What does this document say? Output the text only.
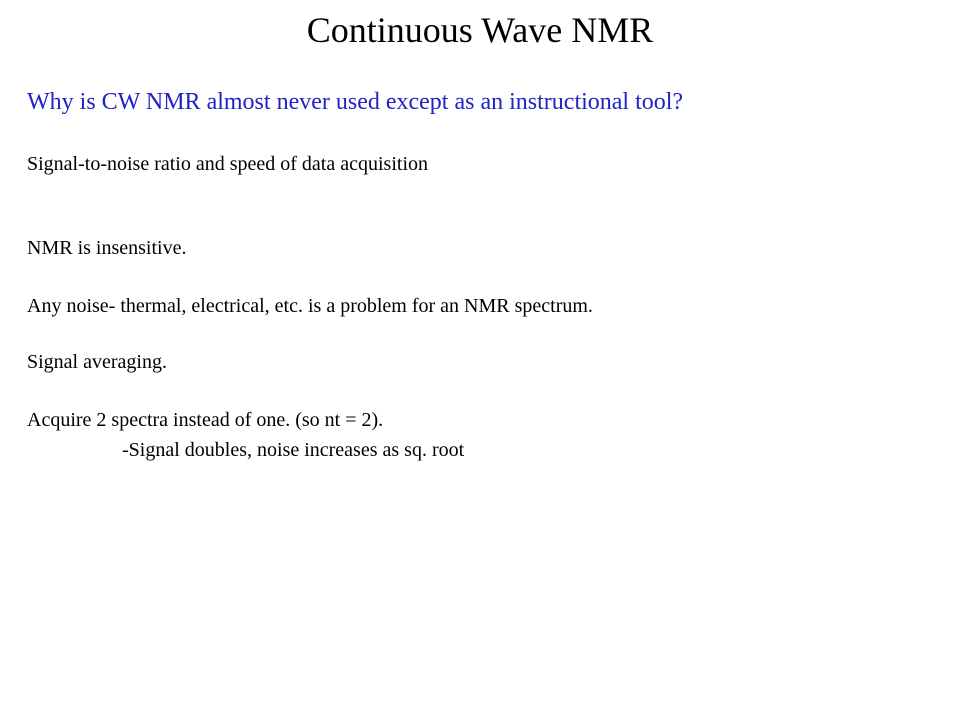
Continuous Wave NMR
Why is CW NMR almost never used except as an instructional tool?
Signal-to-noise ratio and speed of data acquisition
NMR is insensitive.
Any noise- thermal, electrical, etc. is a problem for an NMR spectrum.
Signal averaging.
Acquire 2 spectra instead of one. (so nt = 2).
-Signal doubles, noise increases as sq. root
